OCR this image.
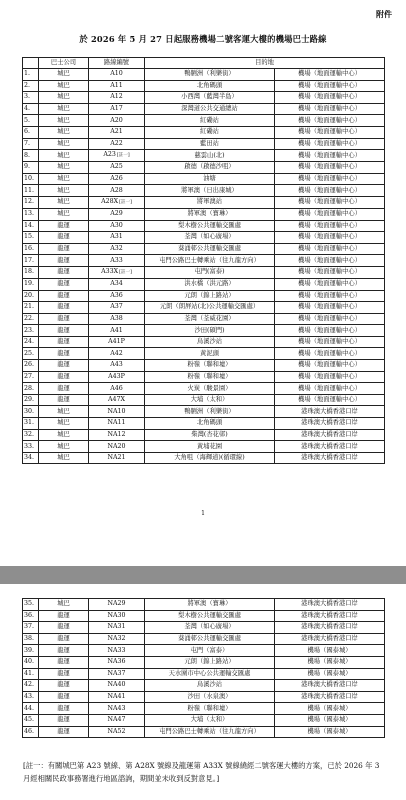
附件
於 2026 年 5 月 27 日起服務機場二號客運大樓的機場巴士路線
	巴士公司	路線編號	目的地	
1.	城巴	A10	鴨脷洲（利樂街）	機場（地面運輸中心）
2.	城巴	A11	北角碼頭	機場（地面運輸中心）
3.	城巴	A12	小西灣（藍灣半島）	機場（地面運輸中心）
4.	城巴	A17	深灣道公共交通總站	機場（地面運輸中心）
5.	城巴	A20	紅磡站	機場（地面運輸中心）
6.	城巴	A21	紅磡站	機場（地面運輸中心）
7.	城巴	A22	藍田站	機場（地面運輸中心）
8.	城巴	A23[註一]	慈雲山(北)	機場（地面運輸中心）
9.	城巴	A25	啟德（啟德沙咀）	機場（地面運輸中心）
10.	城巴	A26	油塘	機場（地面運輸中心）
11.	城巴	A28	將軍澳（日出康城）	機場（地面運輸中心）
12.	城巴	A28X[註一]	將軍澳站	機場（地面運輸中心）
13.	城巴	A29	將軍澳（寶琳）	機場（地面運輸中心）
14.	龍運	A30	梨木樹公共運輸交匯處	機場（地面運輸中心）
15.	龍運	A31	荃灣（如心廣場）	機場（地面運輸中心）
16.	龍運	A32	葵涌邨公共運輸交匯處	機場（地面運輸中心）
17.	龍運	A33	屯門公路巴士轉乘站（往九龍方向）	機場（地面運輸中心）
18.	龍運	A33X[註一]	屯門(富泰)	機場（地面運輸中心）
19.	龍運	A34	洪水橋（洪元路）	機場（地面運輸中心）
20.	龍運	A36	元朗（錦上路站）	機場（地面運輸中心）
21.	龍運	A37	元朗（朗屏站(北)公共運輸交匯處）	機場（地面運輸中心）
22.	龍運	A38	荃灣（荃威花園）	機場（地面運輸中心）
23.	龍運	A41	沙田(碩門)	機場（地面運輸中心）
24.	龍運	A41P	烏溪沙站	機場（地面運輸中心）
25.	龍運	A42	黃泥頭	機場（地面運輸中心）
26.	龍運	A43	粉嶺（聯和墟）	機場（地面運輸中心）
27.	龍運	A43P	粉嶺（聯和墟）	機場（地面運輸中心）
28.	龍運	A46	火炭（駿景園）	機場（地面運輸中心）
29.	龍運	A47X	大埔（太和）	機場（地面運輸中心）
30.	城巴	NA10	鴨脷洲（利樂街）	港珠澳大橋香港口岸
31.	城巴	NA11	北角碼頭	港珠澳大橋香港口岸
32.	城巴	NA12	柴灣(杏花邨)	港珠澳大橋香港口岸
33.	城巴	NA20	黃埔花園	港珠澳大橋香港口岸
34.	城巴	NA21	大角咀（海輝道)(循環線)	港珠澳大橋香港口岸
1
35.	城巴	NA29	將軍澳（寶琳）	港珠澳大橋香港口岸
36.	龍運	NA30	梨木樹公共運輸交匯處	港珠澳大橋香港口岸
37.	龍運	NA31	荃灣（如心廣場）	港珠澳大橋香港口岸
38.	龍運	NA32	葵涌邨公共運輸交匯處	港珠澳大橋香港口岸
39.	龍運	NA33	屯門（富泰）	機場（國泰城）
40.	龍運	NA36	元朗（錦上路站）	機場（國泰城）
41.	龍運	NA37	天水圍市中心公共運輸交匯處	機場（國泰城）
42.	龍運	NA40	烏溪沙站	港珠澳大橋香港口岸
43.	龍運	NA41	沙田（水泉澳）	港珠澳大橋香港口岸
44.	龍運	NA43	粉嶺（聯和墟）	機場（國泰城）
45.	龍運	NA47	大埔（太和）	機場（國泰城）
46.	龍運	NA52	屯門公路巴士轉乘站（往九龍方向）	機場（國泰城）
[註一：有關城巴第 A23 號線、第 A28X 號線及龍運第 A33X 號線繞經二號客運大樓的方案，已於 2026 年 3 月經相關民政事務署進行地區諮詢，期間並未收到反對意見。]
